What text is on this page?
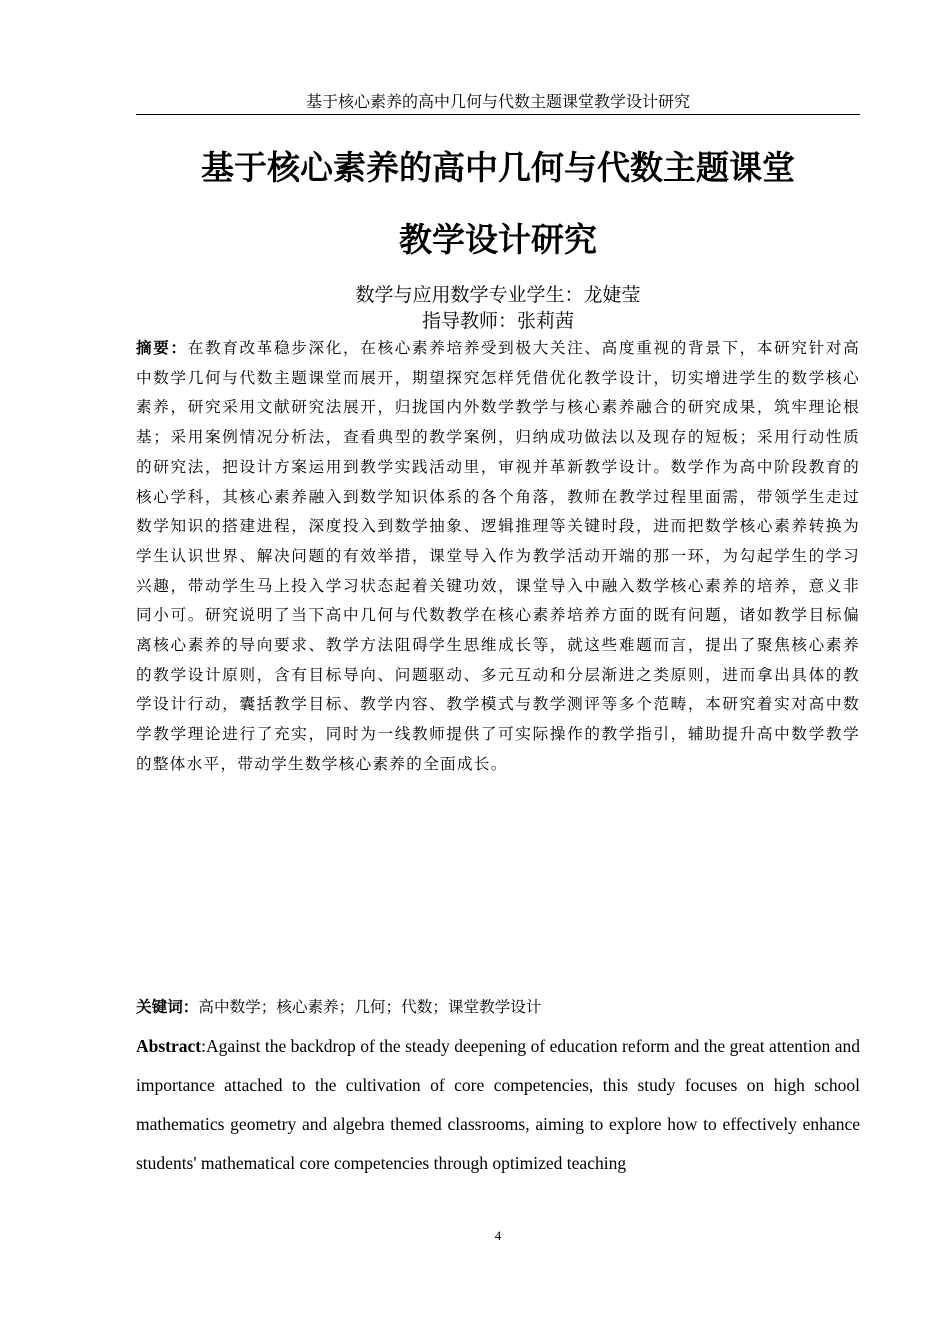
基于核心素养的高中几何与代数主题课堂教学设计研究
基于核心素养的高中几何与代数主题课堂
教学设计研究
数学与应用数学专业学生：龙婕莹
指导教师：张莉茜
摘要：在教育改革稳步深化，在核心素养培养受到极大关注、高度重视的背景下，本研究针对高中数学几何与代数主题课堂而展开，期望探究怎样凭借优化教学设计，切实增进学生的数学核心素养，研究采用文献研究法展开，归拢国内外数学教学与核心素养融合的研究成果，筑牢理论根基；采用案例情况分析法，查看典型的教学案例，归纳成功做法以及现存的短板；采用行动性质的研究法，把设计方案运用到教学实践活动里，审视并革新教学设计。数学作为高中阶段教育的核心学科，其核心素养融入到数学知识体系的各个角落，教师在教学过程里面需，带领学生走过数学知识的搭建进程，深度投入到数学抽象、逻辑推理等关键时段，进而把数学核心素养转换为学生认识世界、解决问题的有效举措，课堂导入作为教学活动开端的那一环，为勾起学生的学习兴趣，带动学生马上投入学习状态起着关键功效，课堂导入中融入数学核心素养的培养，意义非同小可。研究说明了当下高中几何与代数教学在核心素养培养方面的既有问题，诸如教学目标偏离核心素养的导向要求、教学方法阻碍学生思维成长等，就这些难题而言，提出了聚焦核心素养的教学设计原则，含有目标导向、问题驱动、多元互动和分层渐进之类原则，进而拿出具体的教学设计行动，囊括教学目标、教学内容、教学模式与教学测评等多个范畴，本研究着实对高中数学教学理论进行了充实，同时为一线教师提供了可实际操作的教学指引，辅助提升高中数学教学的整体水平，带动学生数学核心素养的全面成长。
关键词：高中数学；核心素养；几何；代数；课堂教学设计
Abstract:Against the backdrop of the steady deepening of education reform and the great attention and importance attached to the cultivation of core competencies, this study focuses on high school mathematics geometry and algebra themed classrooms, aiming to explore how to effectively enhance students' mathematical core competencies through optimized teaching
4
